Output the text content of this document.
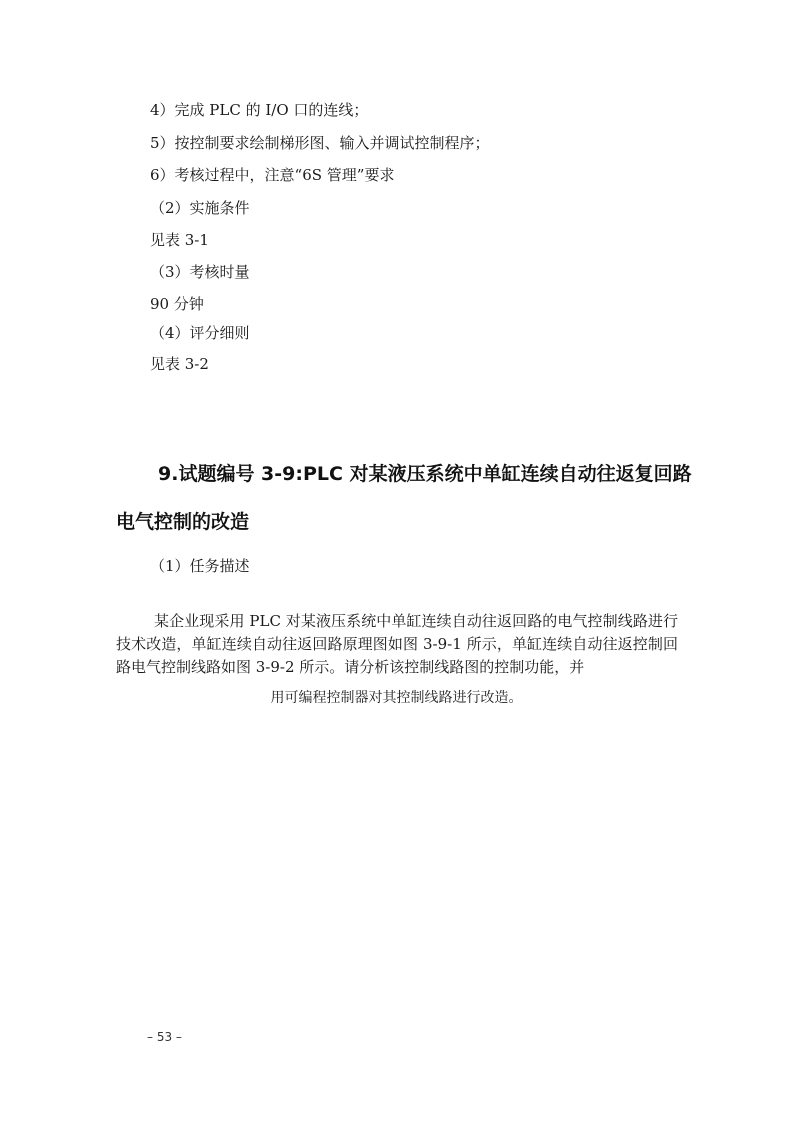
4）完成 PLC 的 I/O 口的连线；
5）按控制要求绘制梯形图、输入并调试控制程序；
6）考核过程中，注意“6S 管理”要求
（2）实施条件
见表 3-1
（3）考核时量
90 分钟
（4）评分细则
见表 3-2
9.试题编号 3-9:PLC 对某液压系统中单缸连续自动往返复回路
电气控制的改造
（1）任务描述
某企业现采用 PLC 对某液压系统中单缸连续自动往返回路的电气控制线路进行技术改造，单缸连续自动往返回路原理图如图 3-9-1 所示，单缸连续自动往返控制回路电气控制线路如图 3-9-2 所示。请分析该控制线路图的控制功能，并
用可编程控制器对其控制线路进行改造。
– 53 –
